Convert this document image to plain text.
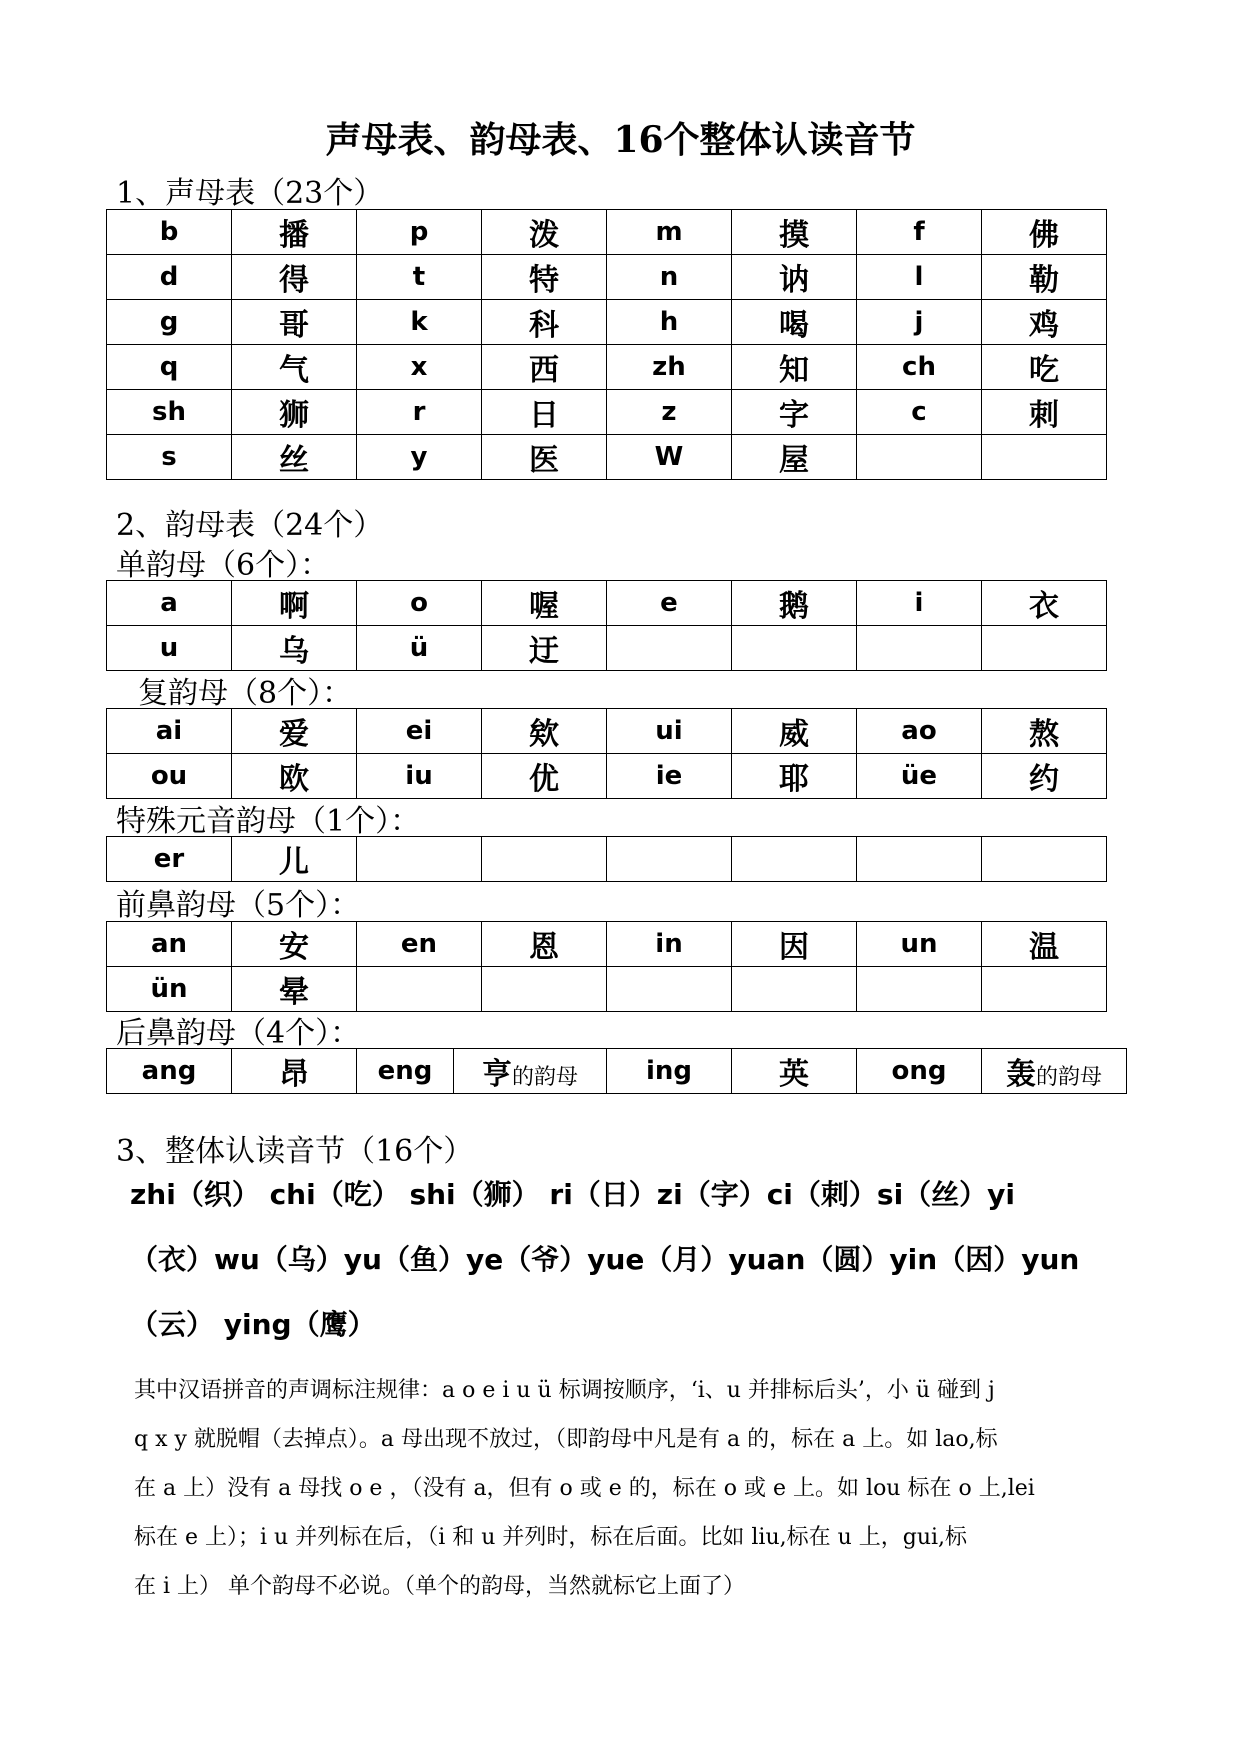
声母表、韵母表、16个整体认读音节
1、声母表（23个）
b	播	p	泼	m	摸	f	佛
d	得	t	特	n	讷	l	勒
g	哥	k	科	h	喝	j	鸡
q	气	x	西	zh	知	ch	吃
sh	狮	r	日	z	字	c	刺
s	丝	y	医	W	屋		
2、韵母表（24个）
单韵母（6个）：
a	啊	o	喔	e	鹅	i	衣
u	乌	ü	迂				
复韵母（8个）：
ai	爱	ei	欸	ui	威	ao	熬
ou	欧	iu	优	ie	耶	üe	约
特殊元音韵母（1个）：
er	儿						
前鼻韵母（5个）：
an	安	en	恩	in	因	un	温
ün	晕						
后鼻韵母（4个）：
ang	昂	eng	亨的韵母	ing	英	ong	轰的韵母
3、整体认读音节（16个）
zhi（织） chi（吃） shi（狮） ri（日）zi（字）ci（刺）si（丝）yi
（衣）wu（乌）yu（鱼）ye（爷）yue（月）yuan（圆）yin（因）yun
（云） ying（鹰）
其中汉语拼音的声调标注规律：a o e i u ü 标调按顺序，‘i、u 并排标后头’，小 ü 碰到 j
q x y 就脱帽（去掉点）。a 母出现不放过，（即韵母中凡是有 a 的，标在 a 上。如 lao,标
在 a 上）没有 a 母找 o e ，（没有 a，但有 o 或 e 的，标在 o 或 e 上。如 lou 标在 o 上,lei
标在 e 上）；i u 并列标在后，（i 和 u 并列时，标在后面。比如 liu,标在 u 上，gui,标
在 i 上） 单个韵母不必说。（单个的韵母，当然就标它上面了）
